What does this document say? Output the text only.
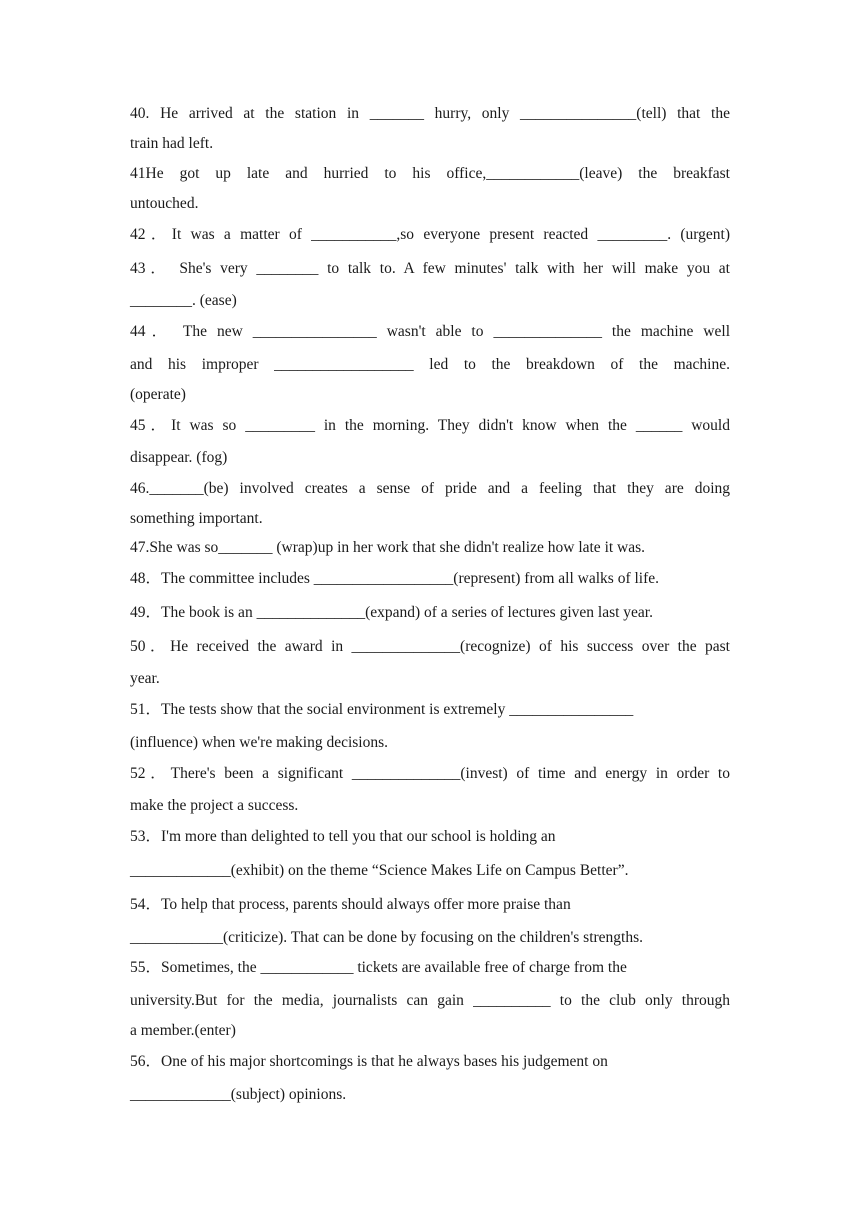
40. He arrived at the station in _______ hurry, only _______________(tell) that the
train had left.
41He got up late and hurried to his office,____________(leave) the breakfast
untouched.
42．It was a matter of ___________,so everyone present reacted _________. (urgent)
43． She's very ________ to talk to. A few minutes' talk with her will make you at
________. (ease)
44． The new ________________ wasn't able to ______________ the machine well
and his improper __________________ led to the breakdown of the machine.
(operate)
45．It was so _________ in the morning. They didn't know when the ______ would
disappear. (fog)
46._______(be) involved creates a sense of pride and a feeling that they are doing
something important.
47.She was so_______ (wrap)up in her work that she didn't realize how late it was.
48．The committee includes __________________(represent) from all walks of life.
49．The book is an ______________(expand) of a series of lectures given last year.
50．He received the award in ______________(recognize) of his success over the past
year.
51．The tests show that the social environment is extremely ________________
(influence) when we're making decisions.
52．There's been a significant ______________(invest) of time and energy in order to
make the project a success.
53．I'm more than delighted to tell you that our school is holding an
_____________(exhibit) on the theme “Science Makes Life on Campus Better”.
54．To help that process, parents should always offer more praise than
____________(criticize). That can be done by focusing on the children's strengths.
55．Sometimes, the ____________ tickets are available free of charge from the
university.But for the media, journalists can gain __________ to the club only through
a member.(enter)
56．One of his major shortcomings is that he always bases his judgement on
_____________(subject) opinions.
